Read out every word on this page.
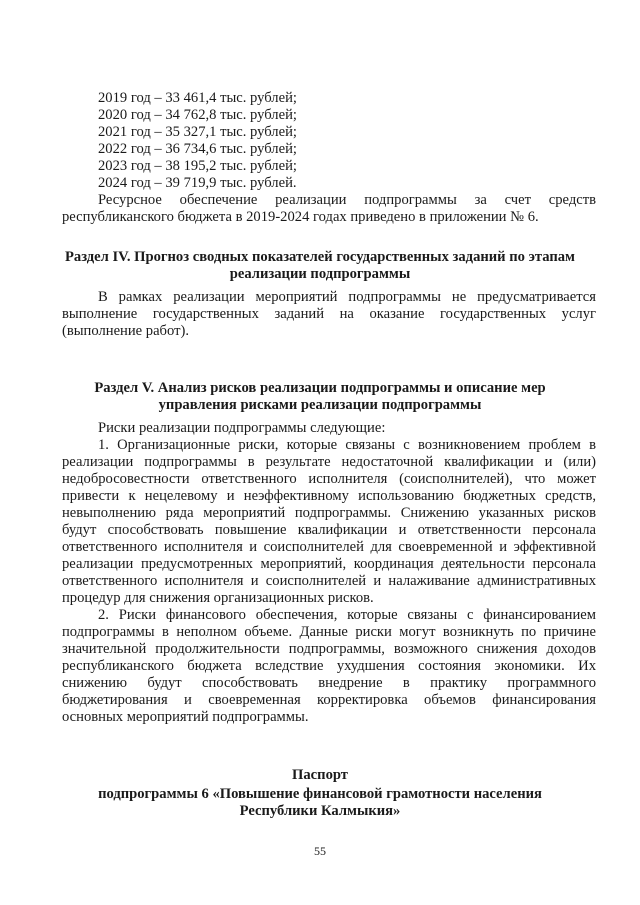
2019 год – 33 461,4 тыс. рублей;
2020 год – 34 762,8 тыс. рублей;
2021 год – 35 327,1 тыс. рублей;
2022 год – 36 734,6 тыс. рублей;
2023 год – 38 195,2 тыс. рублей;
2024 год – 39 719,9 тыс. рублей.
Ресурсное обеспечение реализации подпрограммы за счет средств
республиканского бюджета в 2019-2024 годах приведено в приложении № 6.
Раздел IV. Прогноз сводных показателей государственных заданий по этапам
реализации подпрограммы
В рамках реализации мероприятий подпрограммы не предусматривается
выполнение государственных заданий на оказание государственных услуг
(выполнение работ).
Раздел V. Анализ рисков реализации подпрограммы и описание мер
управления рисками реализации подпрограммы
Риски реализации подпрограммы следующие:
1. Организационные риски, которые связаны с возникновением проблем в
реализации подпрограммы в результате недостаточной квалификации и (или)
недобросовестности ответственного исполнителя (соисполнителей), что может
привести к нецелевому и неэффективному использованию бюджетных средств,
невыполнению ряда мероприятий подпрограммы. Снижению указанных рисков
будут способствовать повышение квалификации и ответственности персонала
ответственного исполнителя и соисполнителей для своевременной и эффективной
реализации предусмотренных мероприятий, координация деятельности персонала
ответственного исполнителя и соисполнителей и налаживание административных
процедур для снижения организационных рисков.
2. Риски финансового обеспечения, которые связаны с финансированием
подпрограммы в неполном объеме. Данные риски могут возникнуть по причине
значительной продолжительности подпрограммы, возможного снижения доходов
республиканского бюджета вследствие ухудшения состояния экономики. Их
снижению будут способствовать внедрение в практику программного
бюджетирования и своевременная корректировка объемов финансирования
основных мероприятий подпрограммы.
Паспорт
подпрограммы 6 «Повышение финансовой грамотности населения
Республики Калмыкия»
55
